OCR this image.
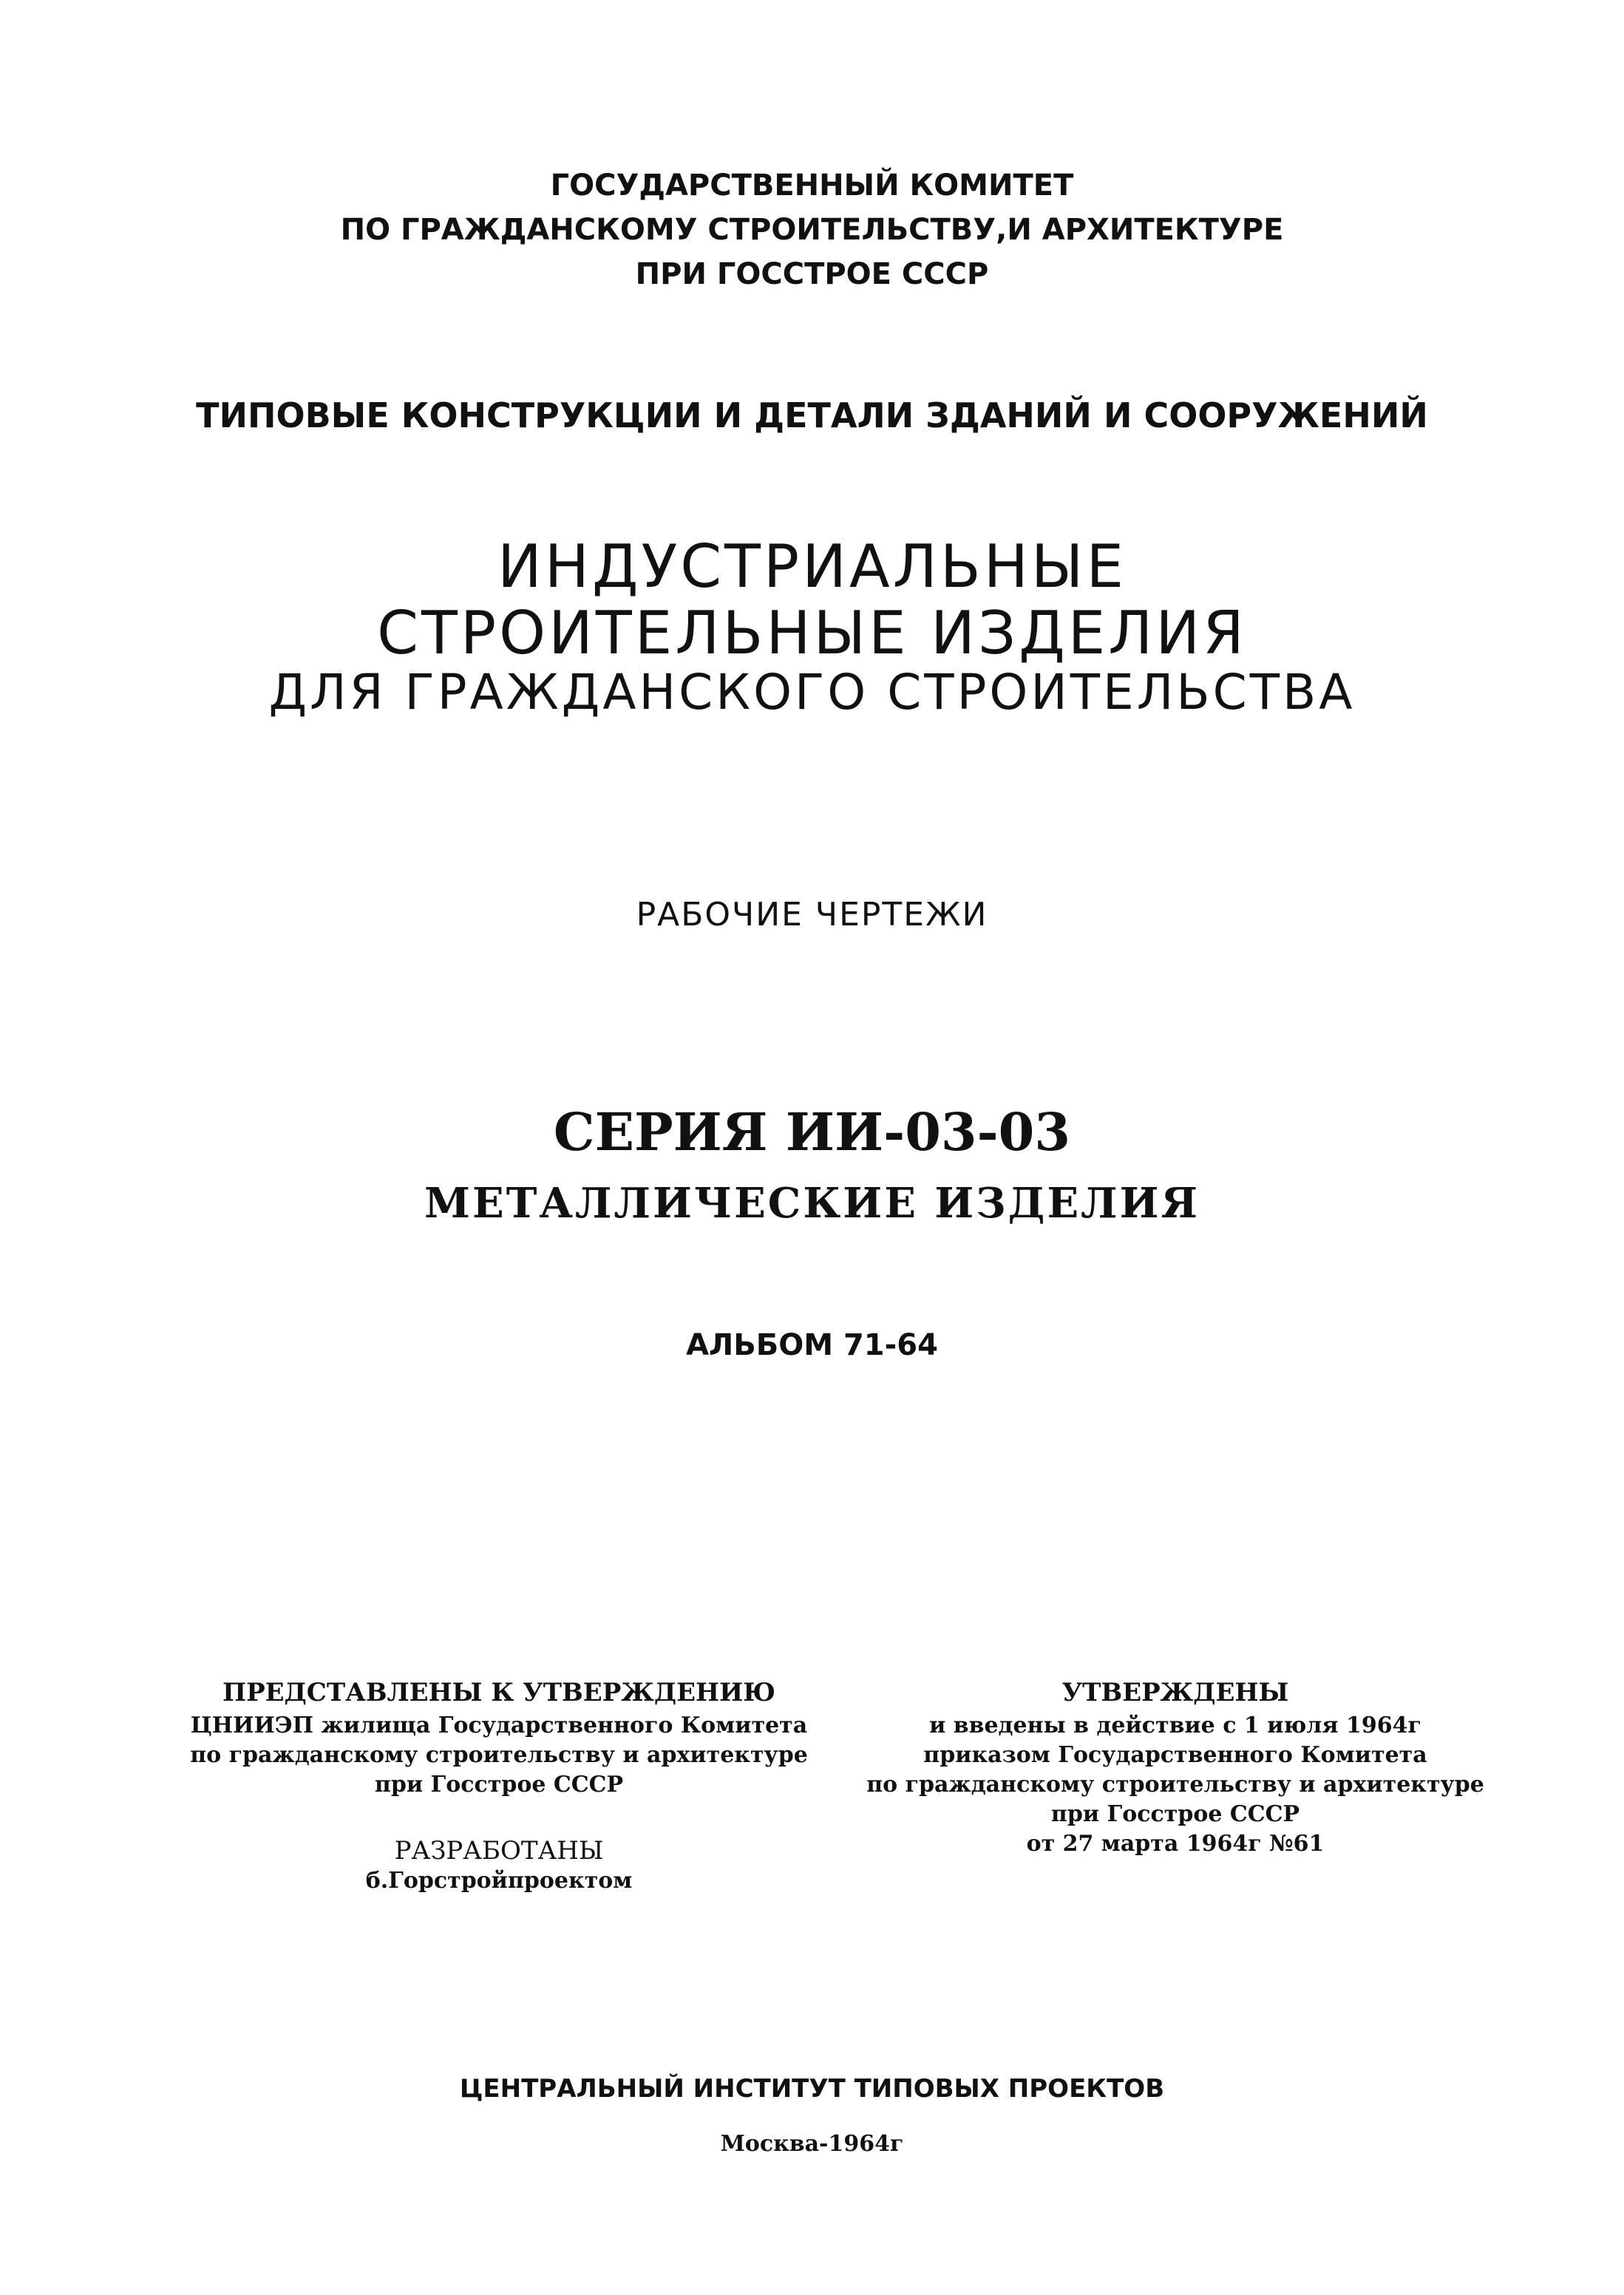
ГОСУДАРСТВЕННЫЙ КОМИТЕТ
ПО ГРАЖДАНСКОМУ СТРОИТЕЛЬСТВУ,И АРХИТЕКТУРЕ
ПРИ ГОССТРОЕ СССР
ТИПОВЫЕ КОНСТРУКЦИИ И ДЕТАЛИ ЗДАНИЙ И СООРУЖЕНИЙ
ИНДУСТРИАЛЬНЫЕ
СТРОИТЕЛЬНЫЕ ИЗДЕЛИЯ
ДЛЯ ГРАЖДАНСКОГО СТРОИТЕЛЬСТВА
РАБОЧИЕ ЧЕРТЕЖИ
СЕРИЯ ИИ-03-03
МЕТАЛЛИЧЕСКИЕ ИЗДЕЛИЯ
АЛЬБОМ 71-64
ПРЕДСТАВЛЕНЫ К УТВЕРЖДЕНИЮ
ЦНИИЭП жилища Государственного Комитета
по гражданскому строительству и архитектуре
при Госстрое СССР
РАЗРАБОТАНЫ
б.Горстройпроектом
УТВЕРЖДЕНЫ
и введены в действие с 1 июля 1964г
приказом Государственного Комитета
по гражданскому строительству и архитектуре
при Госстрое СССР
от 27 марта 1964г №61
ЦЕНТРАЛЬНЫЙ ИНСТИТУТ ТИПОВЫХ ПРОЕКТОВ
Москва-1964г
